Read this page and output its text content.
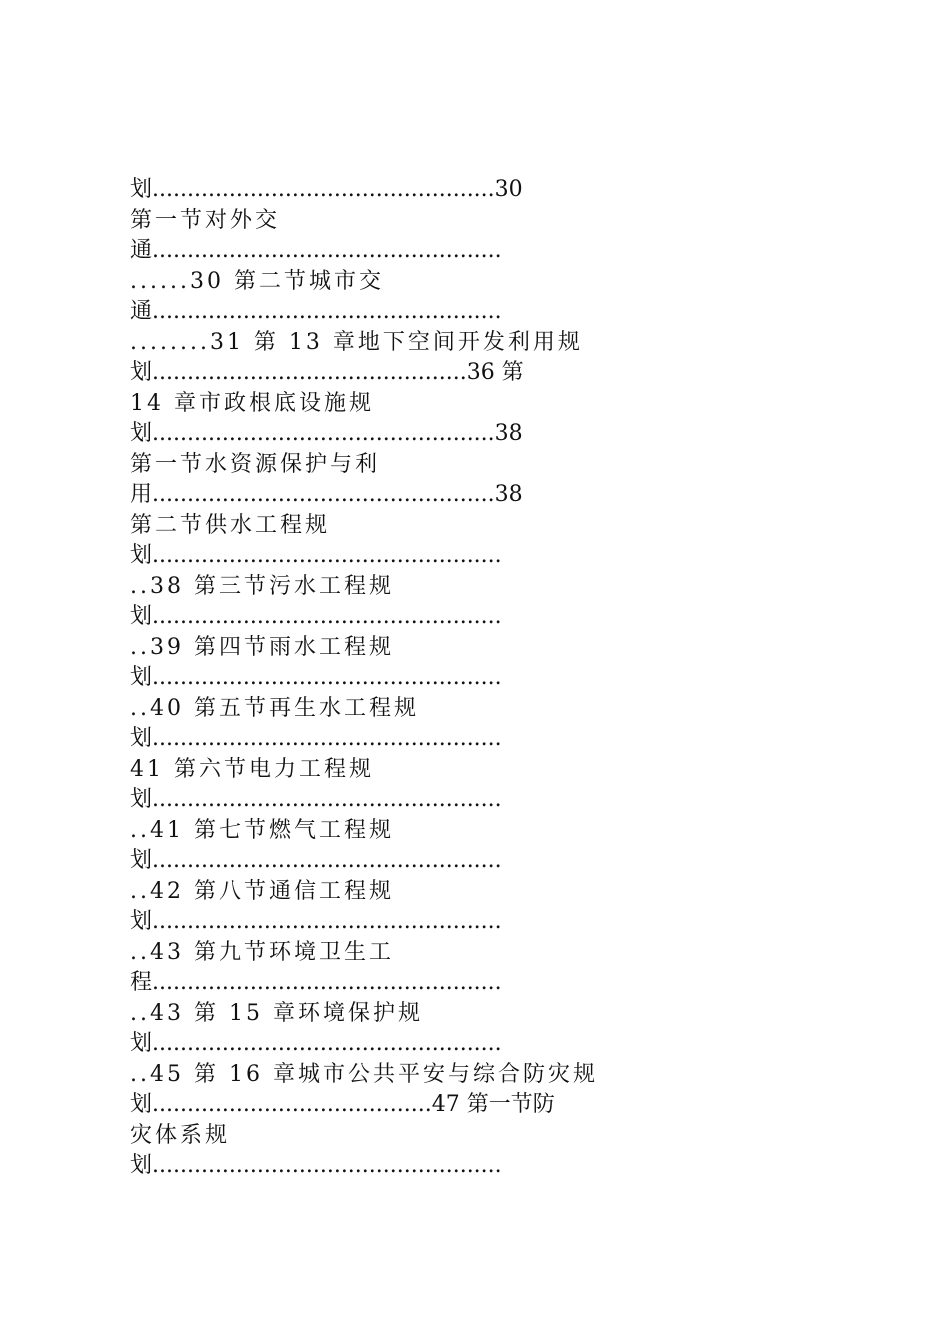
划.................................................30
第一节对外交
通..................................................
......30 第二节城市交
通..................................................
........31 第 13 章地下空间开发利用规
划.............................................36 第
14 章市政根底设施规
划.................................................38
第一节水资源保护与利
用.................................................38
第二节供水工程规
划..................................................
..38 第三节污水工程规
划..................................................
..39 第四节雨水工程规
划..................................................
..40 第五节再生水工程规
划..................................................
41 第六节电力工程规
划..................................................
..41 第七节燃气工程规
划..................................................
..42 第八节通信工程规
划..................................................
..43 第九节环境卫生工
程..................................................
..43 第 15 章环境保护规
划..................................................
..45 第 16 章城市公共平安与综合防灾规
划........................................47 第一节防
灾体系规
划..................................................
